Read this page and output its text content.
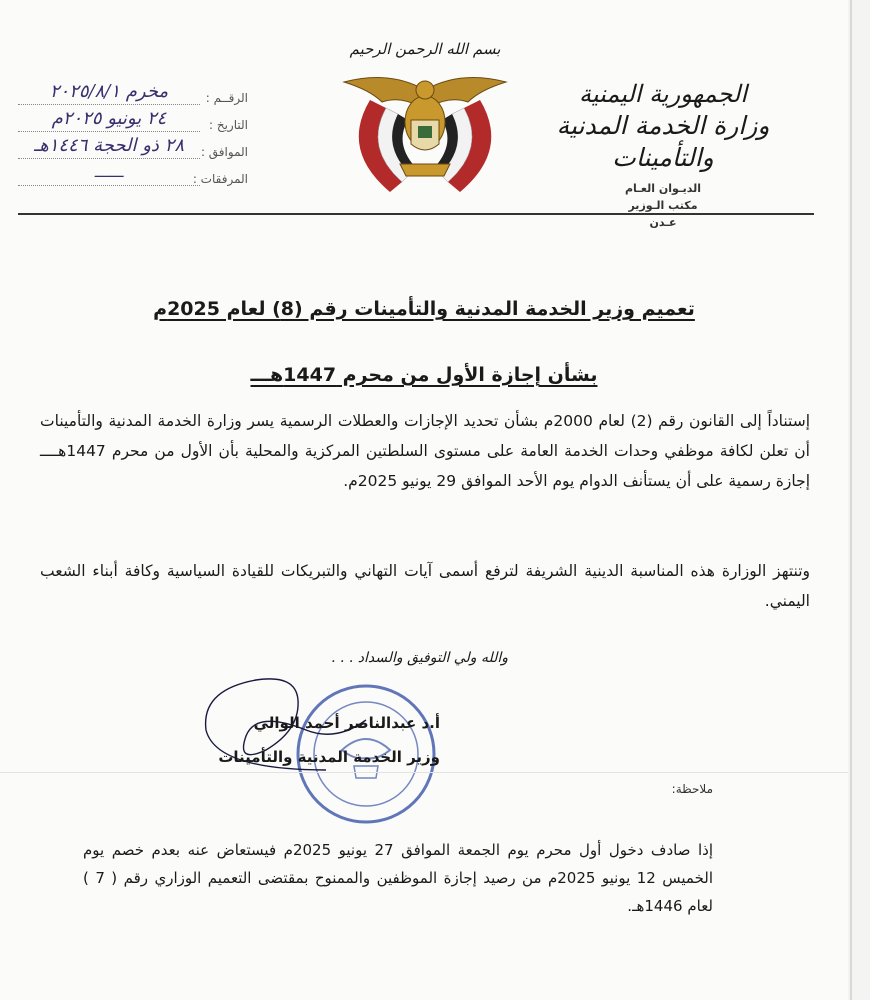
الجمهورية اليمنية
وزارة الخدمة المدنية والتأمينات
الديـوان العـام
مكتب الـوزير
عـدن
بسم الله الرحمن الرحيم
الرقــم :
مخرم ٢٠٢٥/٨/١
التاريخ :
٢٤ يونيو ٢٠٢٥م
الموافق :
٢٨ ذو الحجة ١٤٤٦هـ
المرفقات :
ـــــــ
تعميم وزير الخدمة المدنية والتأمينات رقم (8) لعام 2025م
بشأن إجازة الأول من محرم 1447هـــ
إستناداً إلى القانون رقم (2) لعام 2000م بشأن تحديد الإجازات والعطلات الرسمية يسر وزارة الخدمة المدنية والتأمينات أن تعلن لكافة موظفي وحدات الخدمة العامة على مستوى السلطتين المركزية والمحلية بأن الأول من محرم 1447هــــ إجازة رسمية على أن يستأنف الدوام يوم الأحد الموافق 29 يونيو 2025م.
وتنتهز الوزارة هذه المناسبة الدينية الشريفة لترفع أسمى آيات التهاني والتبريكات للقيادة السياسية وكافة أبناء الشعب اليمني.
والله ولي التوفيق والسداد . . .
أ.د عبدالناصر أحمد الوالي
وزير الخدمة المدنية والتأمينات
ملاحظة:
إذا صادف دخول أول محرم يوم الجمعة الموافق 27 يونيو 2025م فيستعاض عنه بعدم خصم يوم الخميس 12 يونيو 2025م من رصيد إجازة الموظفين والممنوح بمقتضى التعميم الوزاري رقم ( 7 ) لعام 1446هـ.
